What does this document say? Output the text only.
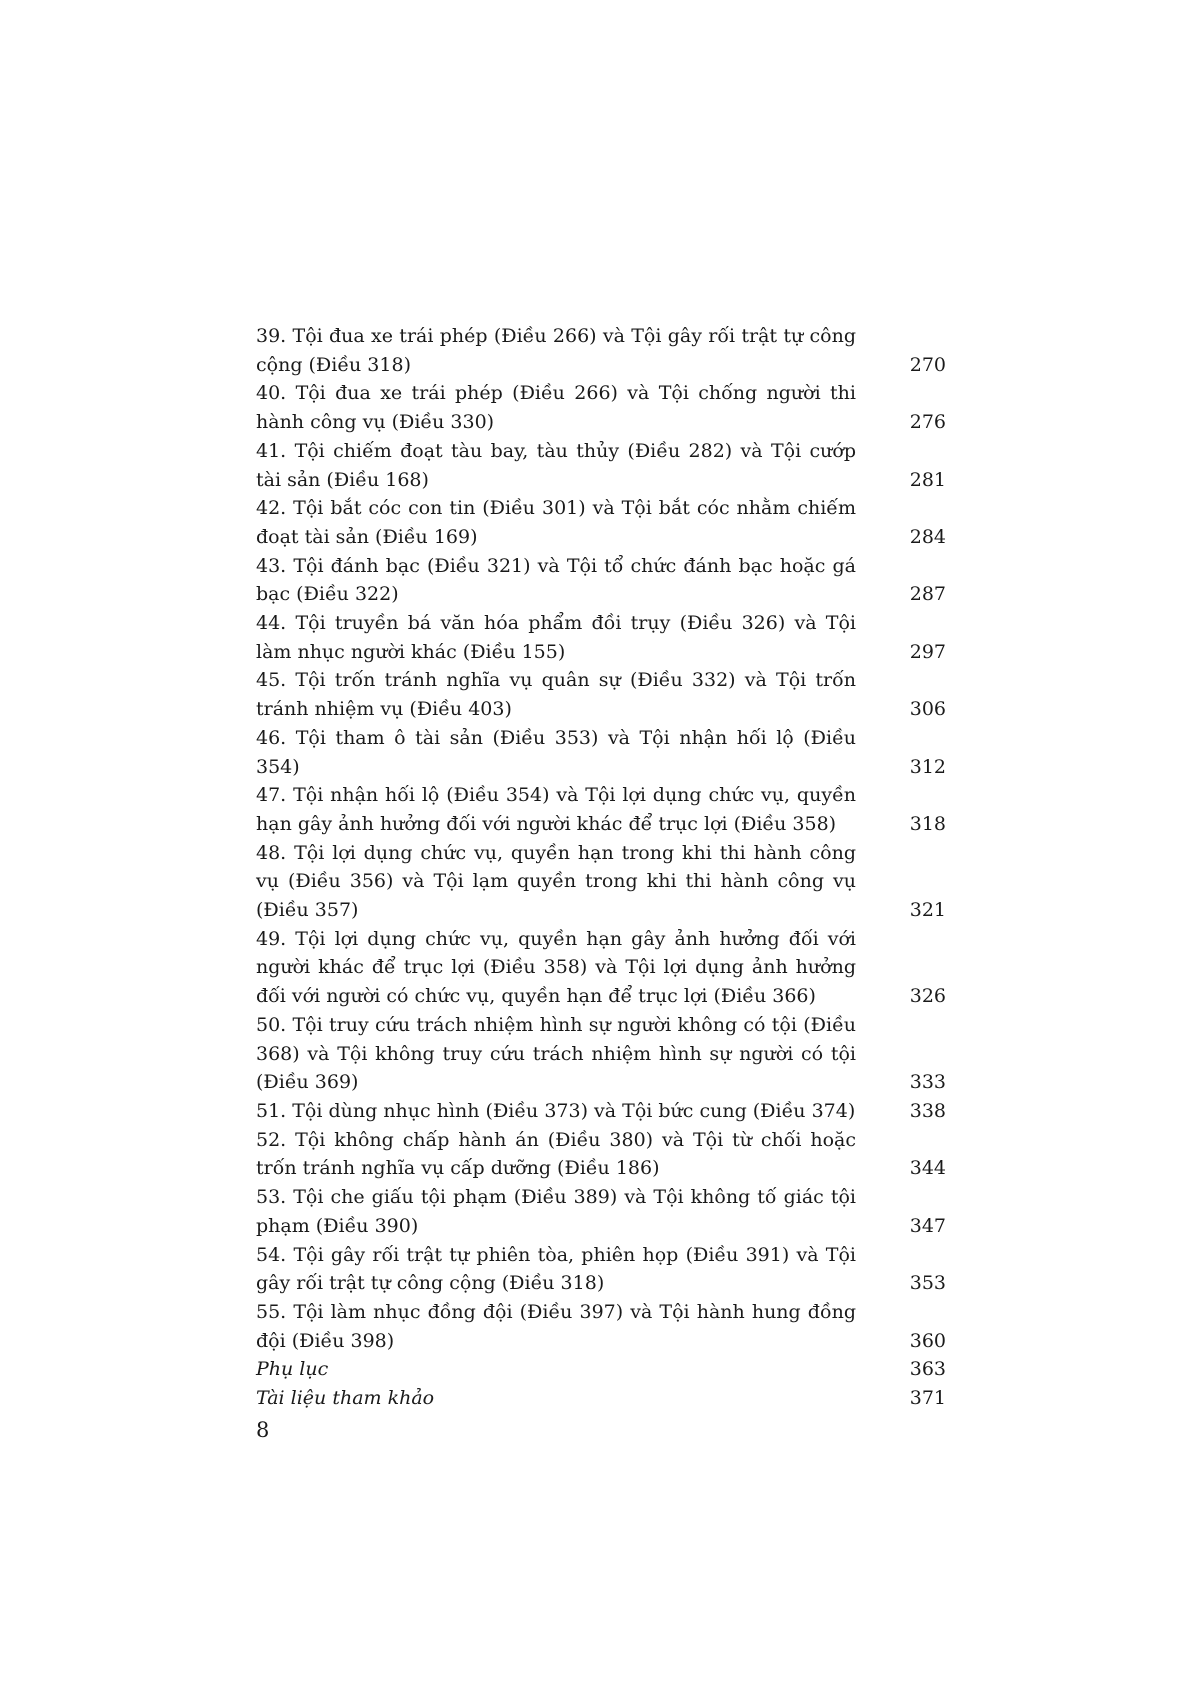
39. Tội đua xe trái phép (Điều 266) và Tội gây rối trật tự công cộng (Điều 318)	270
40. Tội đua xe trái phép (Điều 266) và Tội chống người thi hành công vụ (Điều 330)	276
41. Tội chiếm đoạt tàu bay, tàu thủy (Điều 282) và Tội cướp tài sản (Điều 168)	281
42. Tội bắt cóc con tin (Điều 301) và Tội bắt cóc nhằm chiếm đoạt tài sản (Điều 169)	284
43. Tội đánh bạc (Điều 321) và Tội tổ chức đánh bạc hoặc gá bạc (Điều 322)	287
44. Tội truyền bá văn hóa phẩm đồi trụy (Điều 326) và Tội làm nhục người khác (Điều 155)	297
45. Tội trốn tránh nghĩa vụ quân sự (Điều 332) và Tội trốn tránh nhiệm vụ (Điều 403)	306
46. Tội tham ô tài sản (Điều 353) và Tội nhận hối lộ (Điều 354)	312
47. Tội nhận hối lộ (Điều 354) và Tội lợi dụng chức vụ, quyền hạn gây ảnh hưởng đối với người khác để trục lợi (Điều 358)	318
48. Tội lợi dụng chức vụ, quyền hạn trong khi thi hành công vụ (Điều 356) và Tội lạm quyền trong khi thi hành công vụ (Điều 357)	321
49. Tội lợi dụng chức vụ, quyền hạn gây ảnh hưởng đối với người khác để trục lợi (Điều 358) và Tội lợi dụng ảnh hưởng đối với người có chức vụ, quyền hạn để trục lợi (Điều 366)	326
50. Tội truy cứu trách nhiệm hình sự người không có tội (Điều 368) và Tội không truy cứu trách nhiệm hình sự người có tội (Điều 369)	333
51. Tội dùng nhục hình (Điều 373) và Tội bức cung (Điều 374)	338
52. Tội không chấp hành án (Điều 380) và Tội từ chối hoặc trốn tránh nghĩa vụ cấp dưỡng (Điều 186)	344
53. Tội che giấu tội phạm (Điều 389) và Tội không tố giác tội phạm (Điều 390)	347
54. Tội gây rối trật tự phiên tòa, phiên họp (Điều 391) và Tội gây rối trật tự công cộng (Điều 318)	353
55. Tội làm nhục đồng đội (Điều 397) và Tội hành hung đồng đội (Điều 398)	360
Phụ lục	363
Tài liệu tham khảo	371
8
